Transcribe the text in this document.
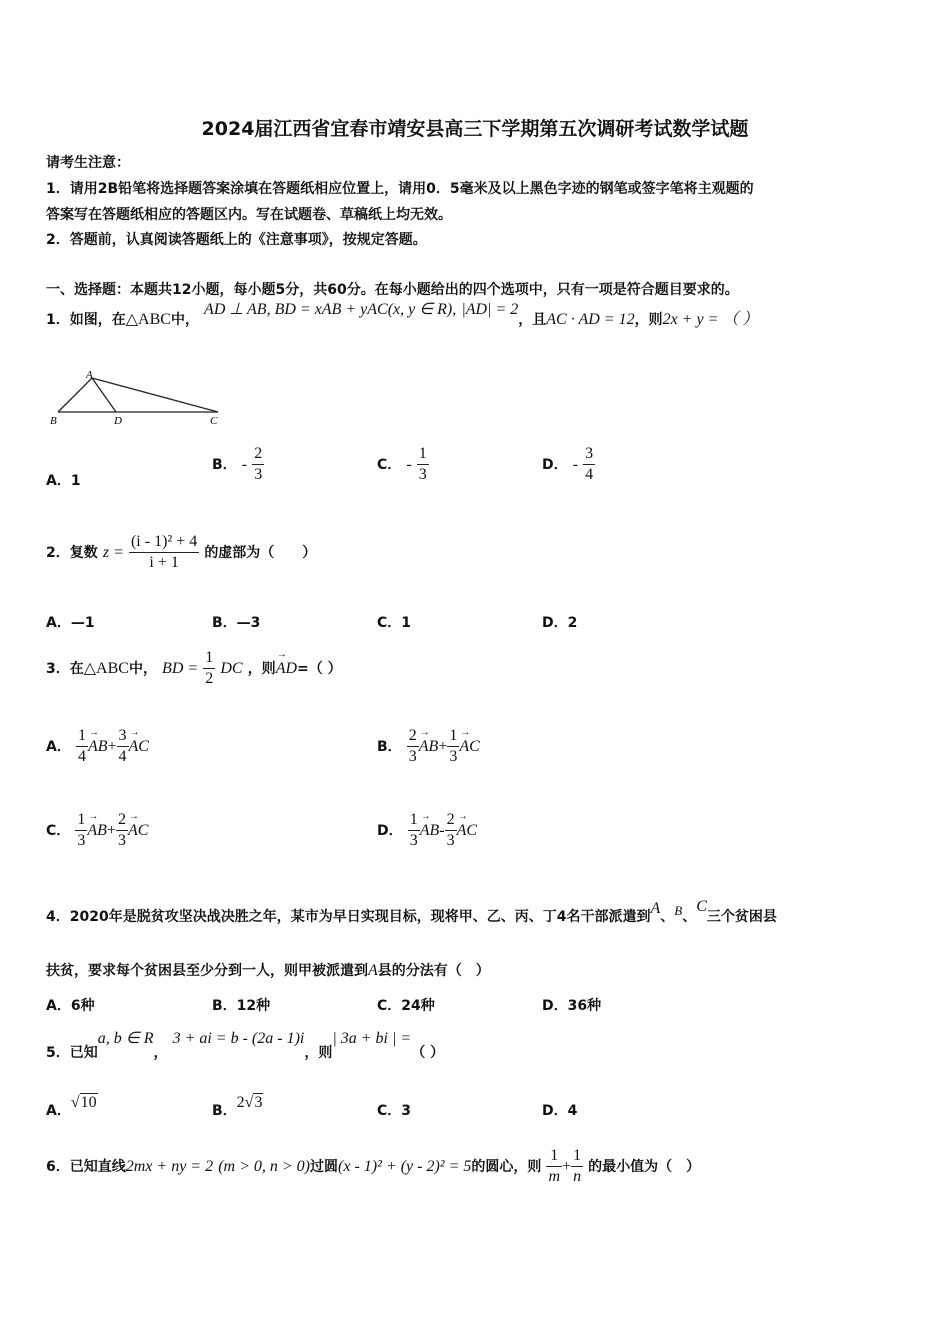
2024届江西省宜春市靖安县高三下学期第五次调研考试数学试题
请考生注意：
1．请用2B铅笔将选择题答案涂填在答题纸相应位置上，请用0．5毫米及以上黑色字迹的钢笔或签字笔将主观题的
答案写在答题纸相应的答题区内。写在试题卷、草稿纸上均无效。
2．答题前，认真阅读答题纸上的《注意事项》，按规定答题。
一、选择题：本题共12小题，每小题5分，共60分。在每小题给出的四个选项中，只有一项是符合题目要求的。
1．如图，在△ABC中， AD ⊥ AB, BD = xAB + yAC(x, y ∈ R), |AD| = 2，且AC · AD = 12，则2x + y = （ ）
A
B	D	C
A．1
B． - $\frac{2}{3}$	C． - $\frac{1}{3}$	D． - $\frac{3}{4}$
2．复数 $z = \frac{\text{(i - 1)² + 4}}{i + 1}$ 的虚部为（　　）
A．—1	B．—3	C．1	D．2
3．在△ABC中， BD = $\frac{1}{2}$ DC ，则→ AD=（ ）
A． $\frac{1}{4}$
→ $AB+ \frac{3}{4}$
→ AC	B． $\frac{2}{3}$
→ $AB+ \frac{1}{3}$
→ AC
C． $\frac{1}{3}$
→ $AB+ \frac{2}{3}$
→ AC	D． $\frac{1}{3}$
→ $AB- \frac{2}{3}$
→ AC
4．2020年是脱贫攻坚决战决胜之年，某市为早日实现目标，现将甲、乙、丙、丁4名干部派遣到A、$^B$、C三个贫困县
扶贫，要求每个贫困县至少分到一人，则甲被派遣到A县的分法有（　）
A．6种	B．12种	C．24种	D．36种
5．已知a, b ∈ R， 3 + ai = b - (2a - 1)i，则| 3a + bi | =（ ）
A．√10	B．2√3	C．3	D．4
6．已知直线2mx + ny = 2 (m > 0, n > 0)过圆(x - 1)² + (y - 2)² = 5的圆心，则 $\frac{1}{m} + \frac{1}{n}$ 的最小值为（　）
